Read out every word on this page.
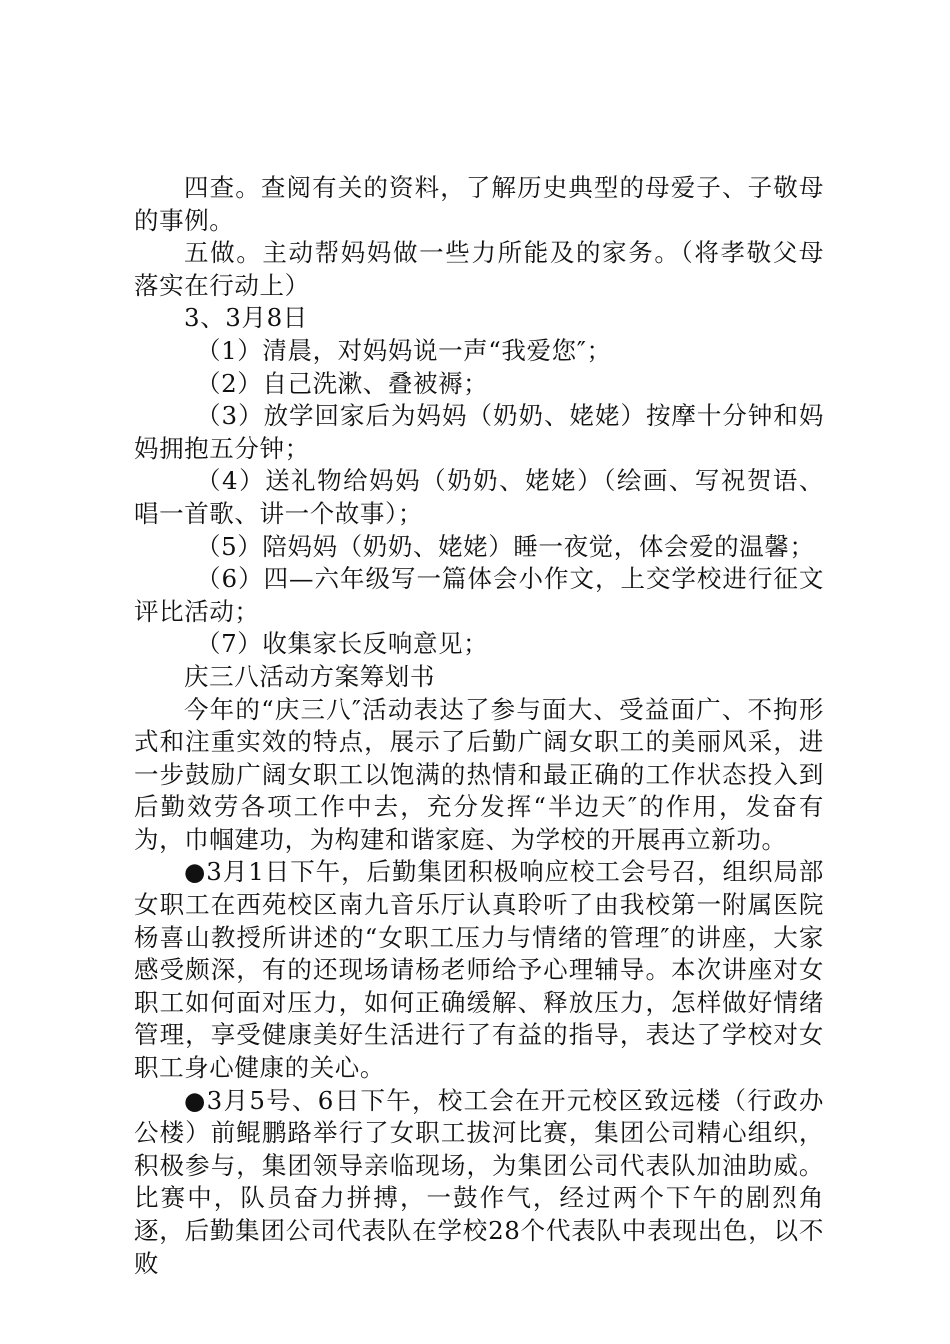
四查。查阅有关的资料，了解历史典型的母爱子、子敬母的事例。

五做。主动帮妈妈做一些力所能及的家务。（将孝敬父母落实在行动上）

3、3月8日

（1）清晨，对妈妈说一声“我爱您″；

（2）自己洗漱、叠被褥；

（3）放学回家后为妈妈（奶奶、姥姥）按摩十分钟和妈妈拥抱五分钟；

（4）送礼物给妈妈（奶奶、姥姥）（绘画、写祝贺语、唱一首歌、讲一个故事）；

（5）陪妈妈（奶奶、姥姥）睡一夜觉，体会爱的温馨；

（6）四—六年级写一篇体会小作文，上交学校进行征文评比活动；

（7）收集家长反响意见；

庆三八活动方案筹划书

今年的“庆三八″活动表达了参与面大、受益面广、不拘形式和注重实效的特点，展示了后勤广阔女职工的美丽风采，进一步鼓励广阔女职工以饱满的热情和最正确的工作状态投入到后勤效劳各项工作中去，充分发挥“半边天″的作用，发奋有为，巾帼建功，为构建和谐家庭、为学校的开展再立新功。

●3月1日下午，后勤集团积极响应校工会号召，组织局部女职工在西苑校区南九音乐厅认真聆听了由我校第一附属医院杨喜山教授所讲述的“女职工压力与情绪的管理″的讲座，大家感受颇深，有的还现场请杨老师给予心理辅导。本次讲座对女职工如何面对压力，如何正确缓解、释放压力，怎样做好情绪管理，享受健康美好生活进行了有益的指导，表达了学校对女职工身心健康的关心。

●3月5号、6日下午，校工会在开元校区致远楼（行政办公楼）前鲲鹏路举行了女职工拔河比赛，集团公司精心组织，积极参与，集团领导亲临现场，为集团公司代表队加油助威。比赛中，队员奋力拼搏，一鼓作气，经过两个下午的剧烈角逐，后勤集团公司代表队在学校28个代表队中表现出色，以不败
